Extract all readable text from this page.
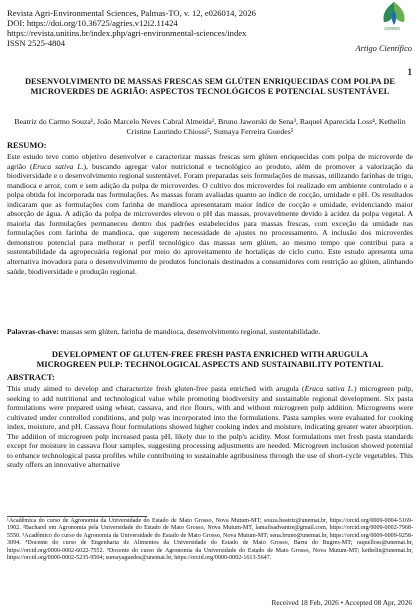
Revista Agri-Environmental Sciences, Palmas-TO, v. 12, e026014, 2026
DOI: https://doi.org/10.36725/agries.v12i2.11424
https://revista.unitins.br/index.php/agri-environmental-sciences/index
ISSN 2525-4804
AGRIES
Artigo Científico
1
DESENVOLVIMENTO DE MASSAS FRESCAS SEM GLÚTEN ENRIQUECIDAS COM POLPA DE MICROVERDES DE AGRIÃO: ASPECTOS TECNOLÓGICOS E POTENCIAL SUSTENTÁVEL
Beatriz do Carmo Souza¹, João Marcelo Neves Cabral Almeida², Bruno Jaworski de Sena³, Raquel Aparecida Loss⁴, Kethelin Cristine Laurindo Chiossi⁵, Sumaya Ferreira Guedes⁵
RESUMO:
Este estudo teve como objetivo desenvolver e caracterizar massas frescas sem glúten enriquecidas com polpa de microverde de agrião (Eruca sativa L.), buscando agregar valor nutricional e tecnológico ao produto, além de promover a valorização da biodiversidade e o desenvolvimento regional sustentável. Foram preparadas seis formulações de massas, utilizando farinhas de trigo, mandioca e arroz, com e sem adição da polpa de microverdes. O cultivo dos microverdes foi realizado em ambiente controlado e a polpa obtida foi incorporada nas formulações. As massas foram avaliadas quanto ao índice de cocção, umidade e pH. Os resultados indicaram que as formulações com farinha de mandioca apresentaram maior índice de cocção e umidade, evidenciando maior absorção de água. A adição da polpa de microverdes elevou o pH das massas, provavelmente devido à acidez da polpa vegetal. A maioria das formulações permaneceu dentro dos padrões estabelecidos para massas frescas, com exceção da umidade nas formulações com farinha de mandioca, que sugerem necessidade de ajustes no processamento. A inclusão dos microverdes demonstrou potencial para melhorar o perfil tecnológico das massas sem glúten, ao mesmo tempo que contribui para a sustentabilidade da agropecuária regional por meio do aproveitamento de hortaliças de ciclo curto. Este estudo apresenta uma alternativa inovadora para o desenvolvimento de produtos funcionais destinados a consumidores com restrição ao glúten, alinhando saúde, biodiversidade e produção regional.
Palavras-chave: massas sem glúten, farinha de mandioca, desenvolvimento regional, sustentabilidade.
DEVELOPMENT OF GLUTEN-FREE FRESH PASTA ENRICHED WITH ARUGULA MICROGREEN PULP: TECHNOLOGICAL ASPECTS AND SUSTAINABILITY POTENTIAL
ABSTRACT:
This study aimed to develop and characterize fresh gluten-free pasta enriched with arugula (Eruca sativa L.) microgreen pulp, seeking to add nutritional and technological value while promoting biodiversity and sustainable regional development. Six pasta formulations were prepared using wheat, cassava, and rice flours, with and without microgreen pulp addition. Microgreens were cultivated under controlled conditions, and pulp was incorporated into the formulations. Pasta samples were evaluated for cooking index, moisture, and pH. Cassava flour formulations showed higher cooking index and moisture, indicating greater water absorption. The addition of microgreen pulp increased pasta pH, likely due to the pulp's acidity. Most formulations met fresh pasta standards except for moisture in cassava flour samples, suggesting processing adjustments are needed. Microgreen inclusion showed potential to enhance technological pasta profiles while contributing to sustainable agribusiness through the use of short-cycle vegetables. This study offers an innovative alternative
¹Acadêmica do curso de Agronomia da Universidade do Estado de Mato Grosso, Nova Mutum-MT; souza.beatriz@unemat.br, https://orcid.org/0009-0004-5169-1902. ²Bacharel em Agronomia pela Universidade do Estado de Mato Grosso, Nova Mutum-MT, lamafisadvantre@gmail.com, https://orcid.org/0009-0002-7968-5550. ³Acadêmico do curso de Agronomia da Universidade do Estado de Mato Grosso, Nova Mutum-MT; sena.bruno@unemat.br, https://orcid.org/0009-0009-9258-3094. ⁴Docente do curso de Engenharia de Alimentos da Universidade do Estado de Mato Grosso, Barra do Bugres-MT; raquelloss@unemat.br, https://orcid.org/0000-0002-6022-7552. ⁵Docente do curso de Agronomia da Universidade do Estado de Mato Grosso, Nova Mutum-MT; kethelin@unemat.br, https://orcid.org/0000-0002-5235-9504; sumayaguedes@unemat.br, https://orcid.org/0000-0002-1613-5647.
Received 18 Feb, 2026 • Accepted 08 Apr, 2026
